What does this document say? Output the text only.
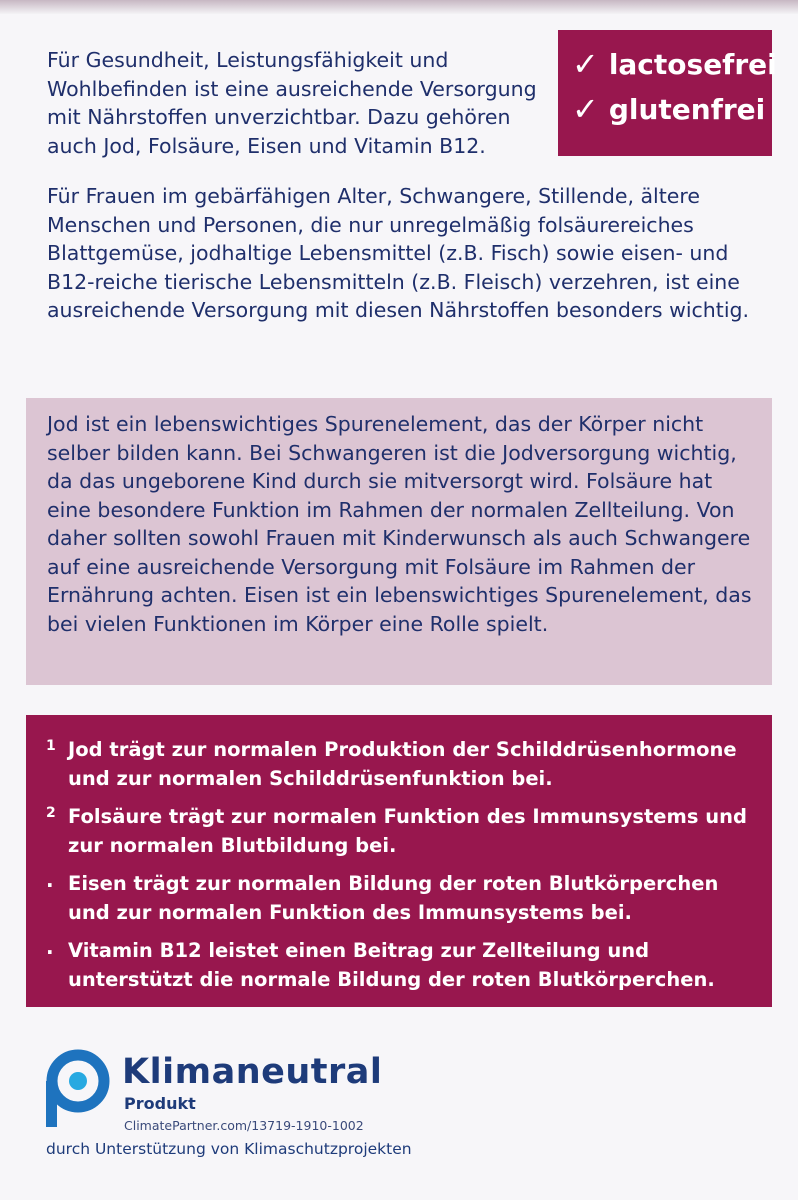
Für Gesundheit, Leistungsfähigkeit und Wohlbefinden ist eine ausreichende Versorgung mit Nährstoffen unverzichtbar. Dazu gehören auch Jod, Folsäure, Eisen und Vitamin B12.

Für Frauen im gebärfähigen Alter, Schwangere, Stillende, ältere Menschen und Personen, die nur unregelmäßig folsäurereiches Blattgemüse, jodhaltige Lebensmittel (z.B. Fisch) sowie eisen- und B12-reiche tierische Lebensmitteln (z.B. Fleisch) verzehren, ist eine ausreichende Versorgung mit diesen Nährstoffen besonders wichtig.

✓ lactosefrei
✓ glutenfrei
Jod ist ein lebenswichtiges Spurenelement, das der Körper nicht selber bilden kann. Bei Schwangeren ist die Jodversorgung wichtig, da das ungeborene Kind durch sie mitversorgt wird. Folsäure hat eine besondere Funktion im Rahmen der normalen Zellteilung. Von daher sollten sowohl Frauen mit Kinderwunsch als auch Schwangere auf eine ausreichende Versorgung mit Folsäure im Rahmen der Ernährung achten. Eisen ist ein lebenswichtiges Spurenelement, das bei vielen Funktionen im Körper eine Rolle spielt.
1 Jod trägt zur normalen Produktion der Schilddrüsenhormone und zur normalen Schilddrüsenfunktion bei.
2 Folsäure trägt zur normalen Funktion des Immunsystems und zur normalen Blutbildung bei.
· Eisen trägt zur normalen Bildung der roten Blutkörperchen und zur normalen Funktion des Immunsystems bei.
· Vitamin B12 leistet einen Beitrag zur Zellteilung und unterstützt die normale Bildung der roten Blutkörperchen.
Klimaneutral
Produkt
ClimatePartner.com/13719-1910-1002
durch Unterstützung von Klimaschutzprojekten
